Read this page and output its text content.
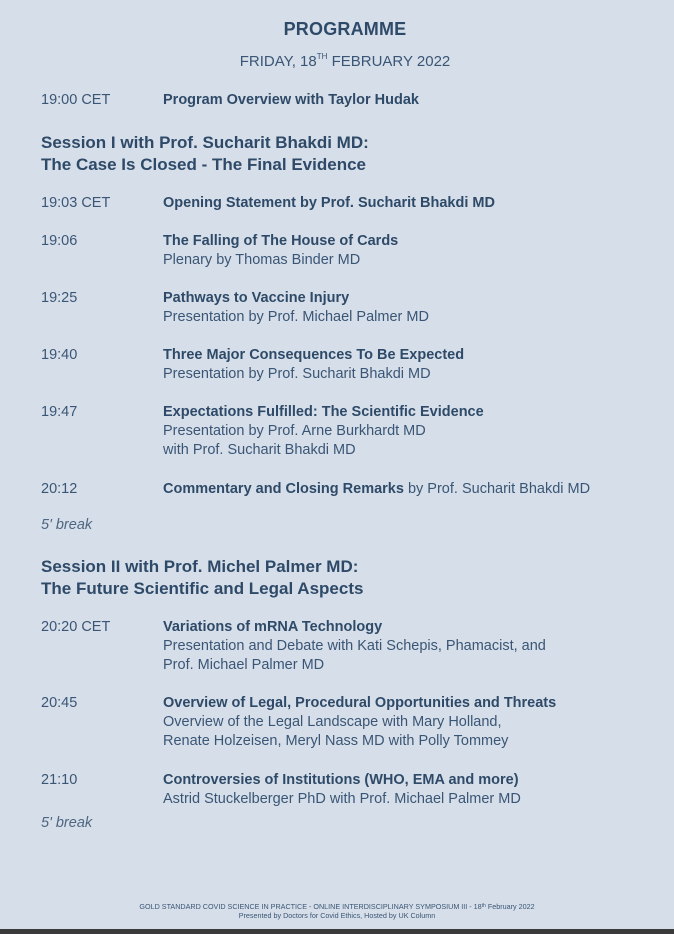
PROGRAMME
FRIDAY, 18TH FEBRUARY 2022
19:00 CET	Program Overview with Taylor Hudak
Session I with Prof. Sucharit Bhakdi MD:
The Case Is Closed - The Final Evidence
19:03 CET	Opening Statement by Prof. Sucharit Bhakdi MD
19:06	The Falling of The House of Cards
Plenary by Thomas Binder MD
19:25	Pathways to Vaccine Injury
Presentation by Prof. Michael Palmer MD
19:40	Three Major Consequences To Be Expected
Presentation by Prof. Sucharit Bhakdi MD
19:47	Expectations Fulfilled: The Scientific Evidence
Presentation by Prof. Arne Burkhardt MD
with Prof. Sucharit Bhakdi MD
20:12	Commentary and Closing Remarks by Prof. Sucharit Bhakdi MD
5' break
Session II with Prof. Michel Palmer MD:
The Future Scientific and Legal Aspects
20:20 CET	Variations of mRNA Technology
Presentation and Debate with Kati Schepis, Phamacist, and
Prof. Michael Palmer MD
20:45	Overview of Legal, Procedural Opportunities and Threats
Overview of the Legal Landscape with Mary Holland,
Renate Holzeisen, Meryl Nass MD with Polly Tommey
21:10	Controversies of Institutions (WHO, EMA and more)
Astrid Stuckelberger PhD with Prof. Michael Palmer MD
5' break
GOLD STANDARD COVID SCIENCE IN PRACTICE - ONLINE INTERDISCIPLINARY SYMPOSIUM III - 18th February 2022
Presented by Doctors for Covid Ethics, Hosted by UK Column
